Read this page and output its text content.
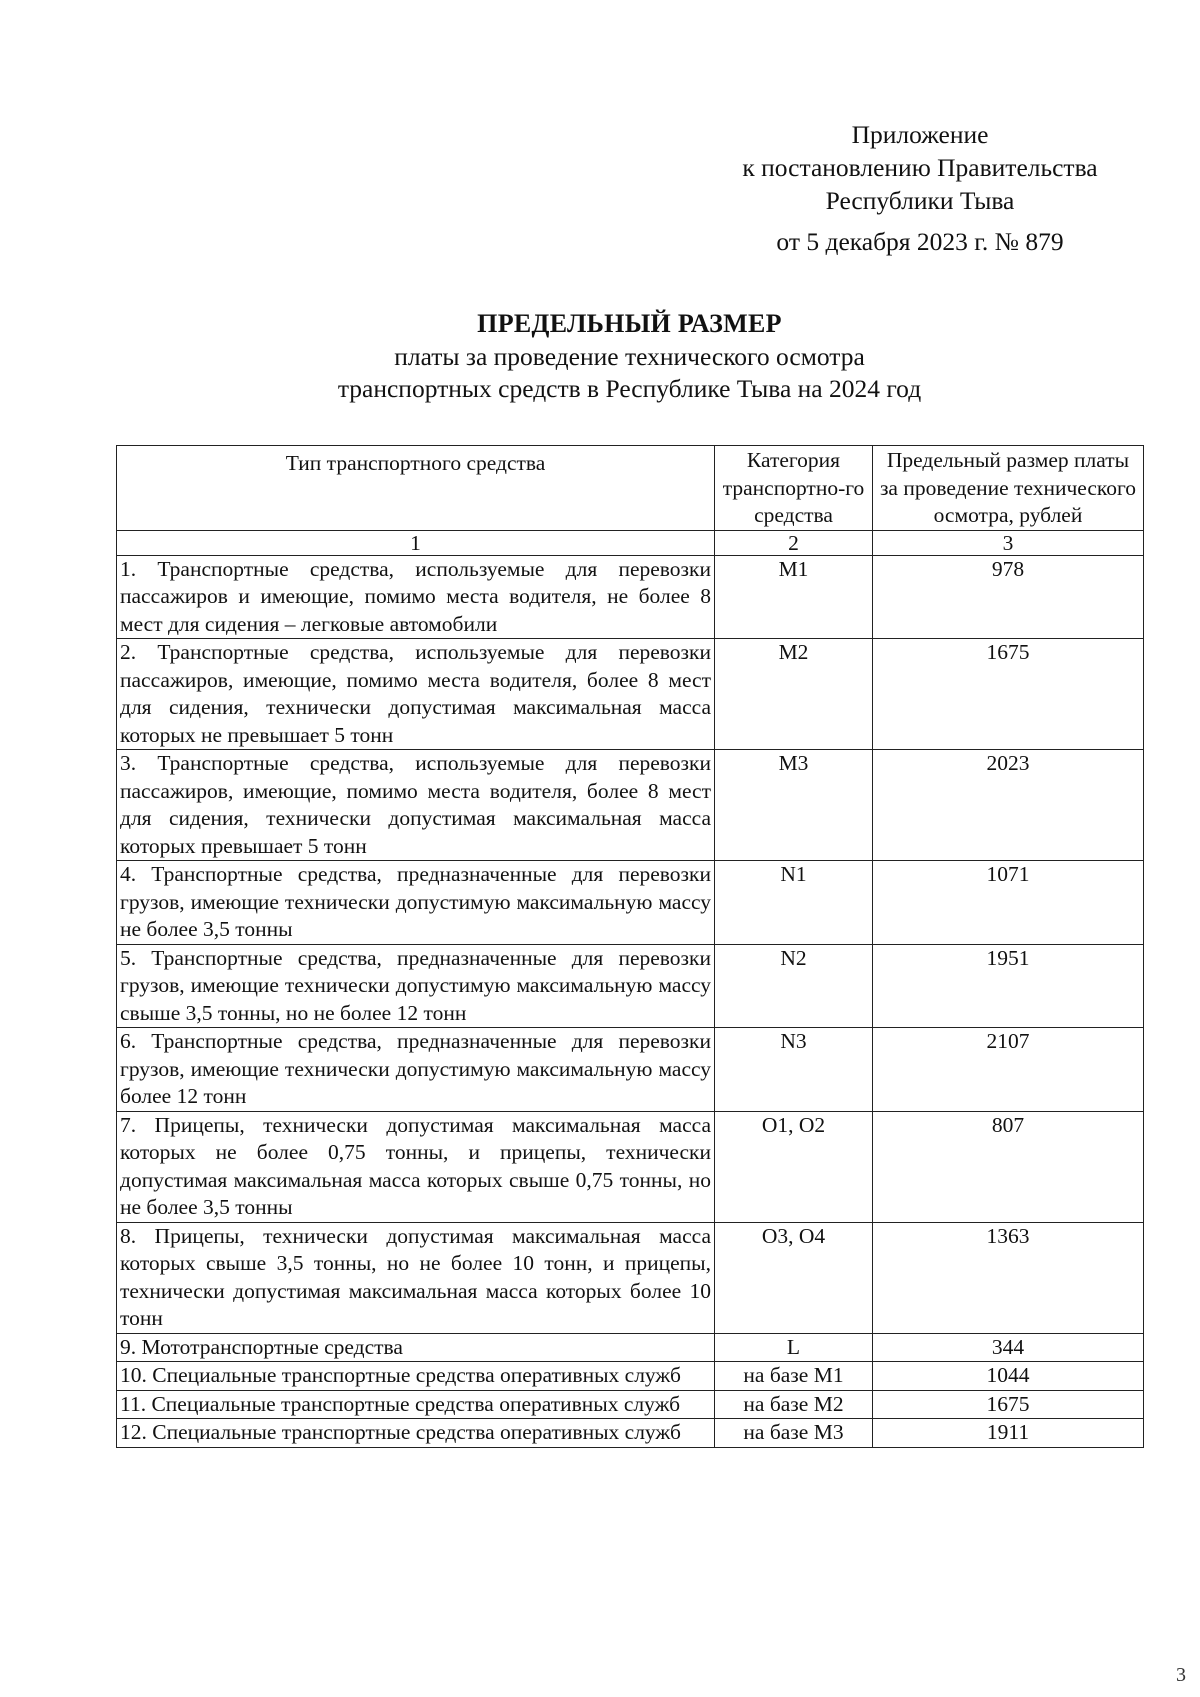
Приложение
к постановлению Правительства
Республики Тыва
от 5 декабря 2023 г. № 879
ПРЕДЕЛЬНЫЙ РАЗМЕР
платы за проведение технического осмотра
транспортных средств в Республике Тыва на 2024 год
Тип транспортного средства	Категория транспортно-го средства	Предельный размер платы за проведение технического осмотра, рублей
1	2	3
1. Транспортные средства, используемые для перевозки пассажиров и имеющие, помимо места водителя, не более 8 мест для сидения – легковые автомобили	M1	978
2. Транспортные средства, используемые для перевозки пассажиров, имеющие, помимо места водителя, более 8 мест для сидения, технически допустимая максимальная масса которых не превышает 5 тонн	M2	1675
3. Транспортные средства, используемые для перевозки пассажиров, имеющие, помимо места водителя, более 8 мест для сидения, технически допустимая максимальная масса которых превышает 5 тонн	M3	2023
4. Транспортные средства, предназначенные для перевозки грузов, имеющие технически допустимую максимальную массу не более 3,5 тонны	N1	1071
5. Транспортные средства, предназначенные для перевозки грузов, имеющие технически допустимую максимальную массу свыше 3,5 тонны, но не более 12 тонн	N2	1951
6. Транспортные средства, предназначенные для перевозки грузов, имеющие технически допустимую максимальную массу более 12 тонн	N3	2107
7. Прицепы, технически допустимая максимальная масса которых не более 0,75 тонны, и прицепы, технически допустимая максимальная масса которых свыше 0,75 тонны, но не более 3,5 тонны	O1, O2	807
8. Прицепы, технически допустимая максимальная масса которых свыше 3,5 тонны, но не более 10 тонн, и прицепы, технически допустимая максимальная масса которых более 10 тонн	O3, O4	1363
9. Мототранспортные средства	L	344
10. Специальные транспортные средства оперативных служб	на базе M1	1044
11. Специальные транспортные средства оперативных служб	на базе M2	1675
12. Специальные транспортные средства оперативных служб	на базе M3	1911
3
